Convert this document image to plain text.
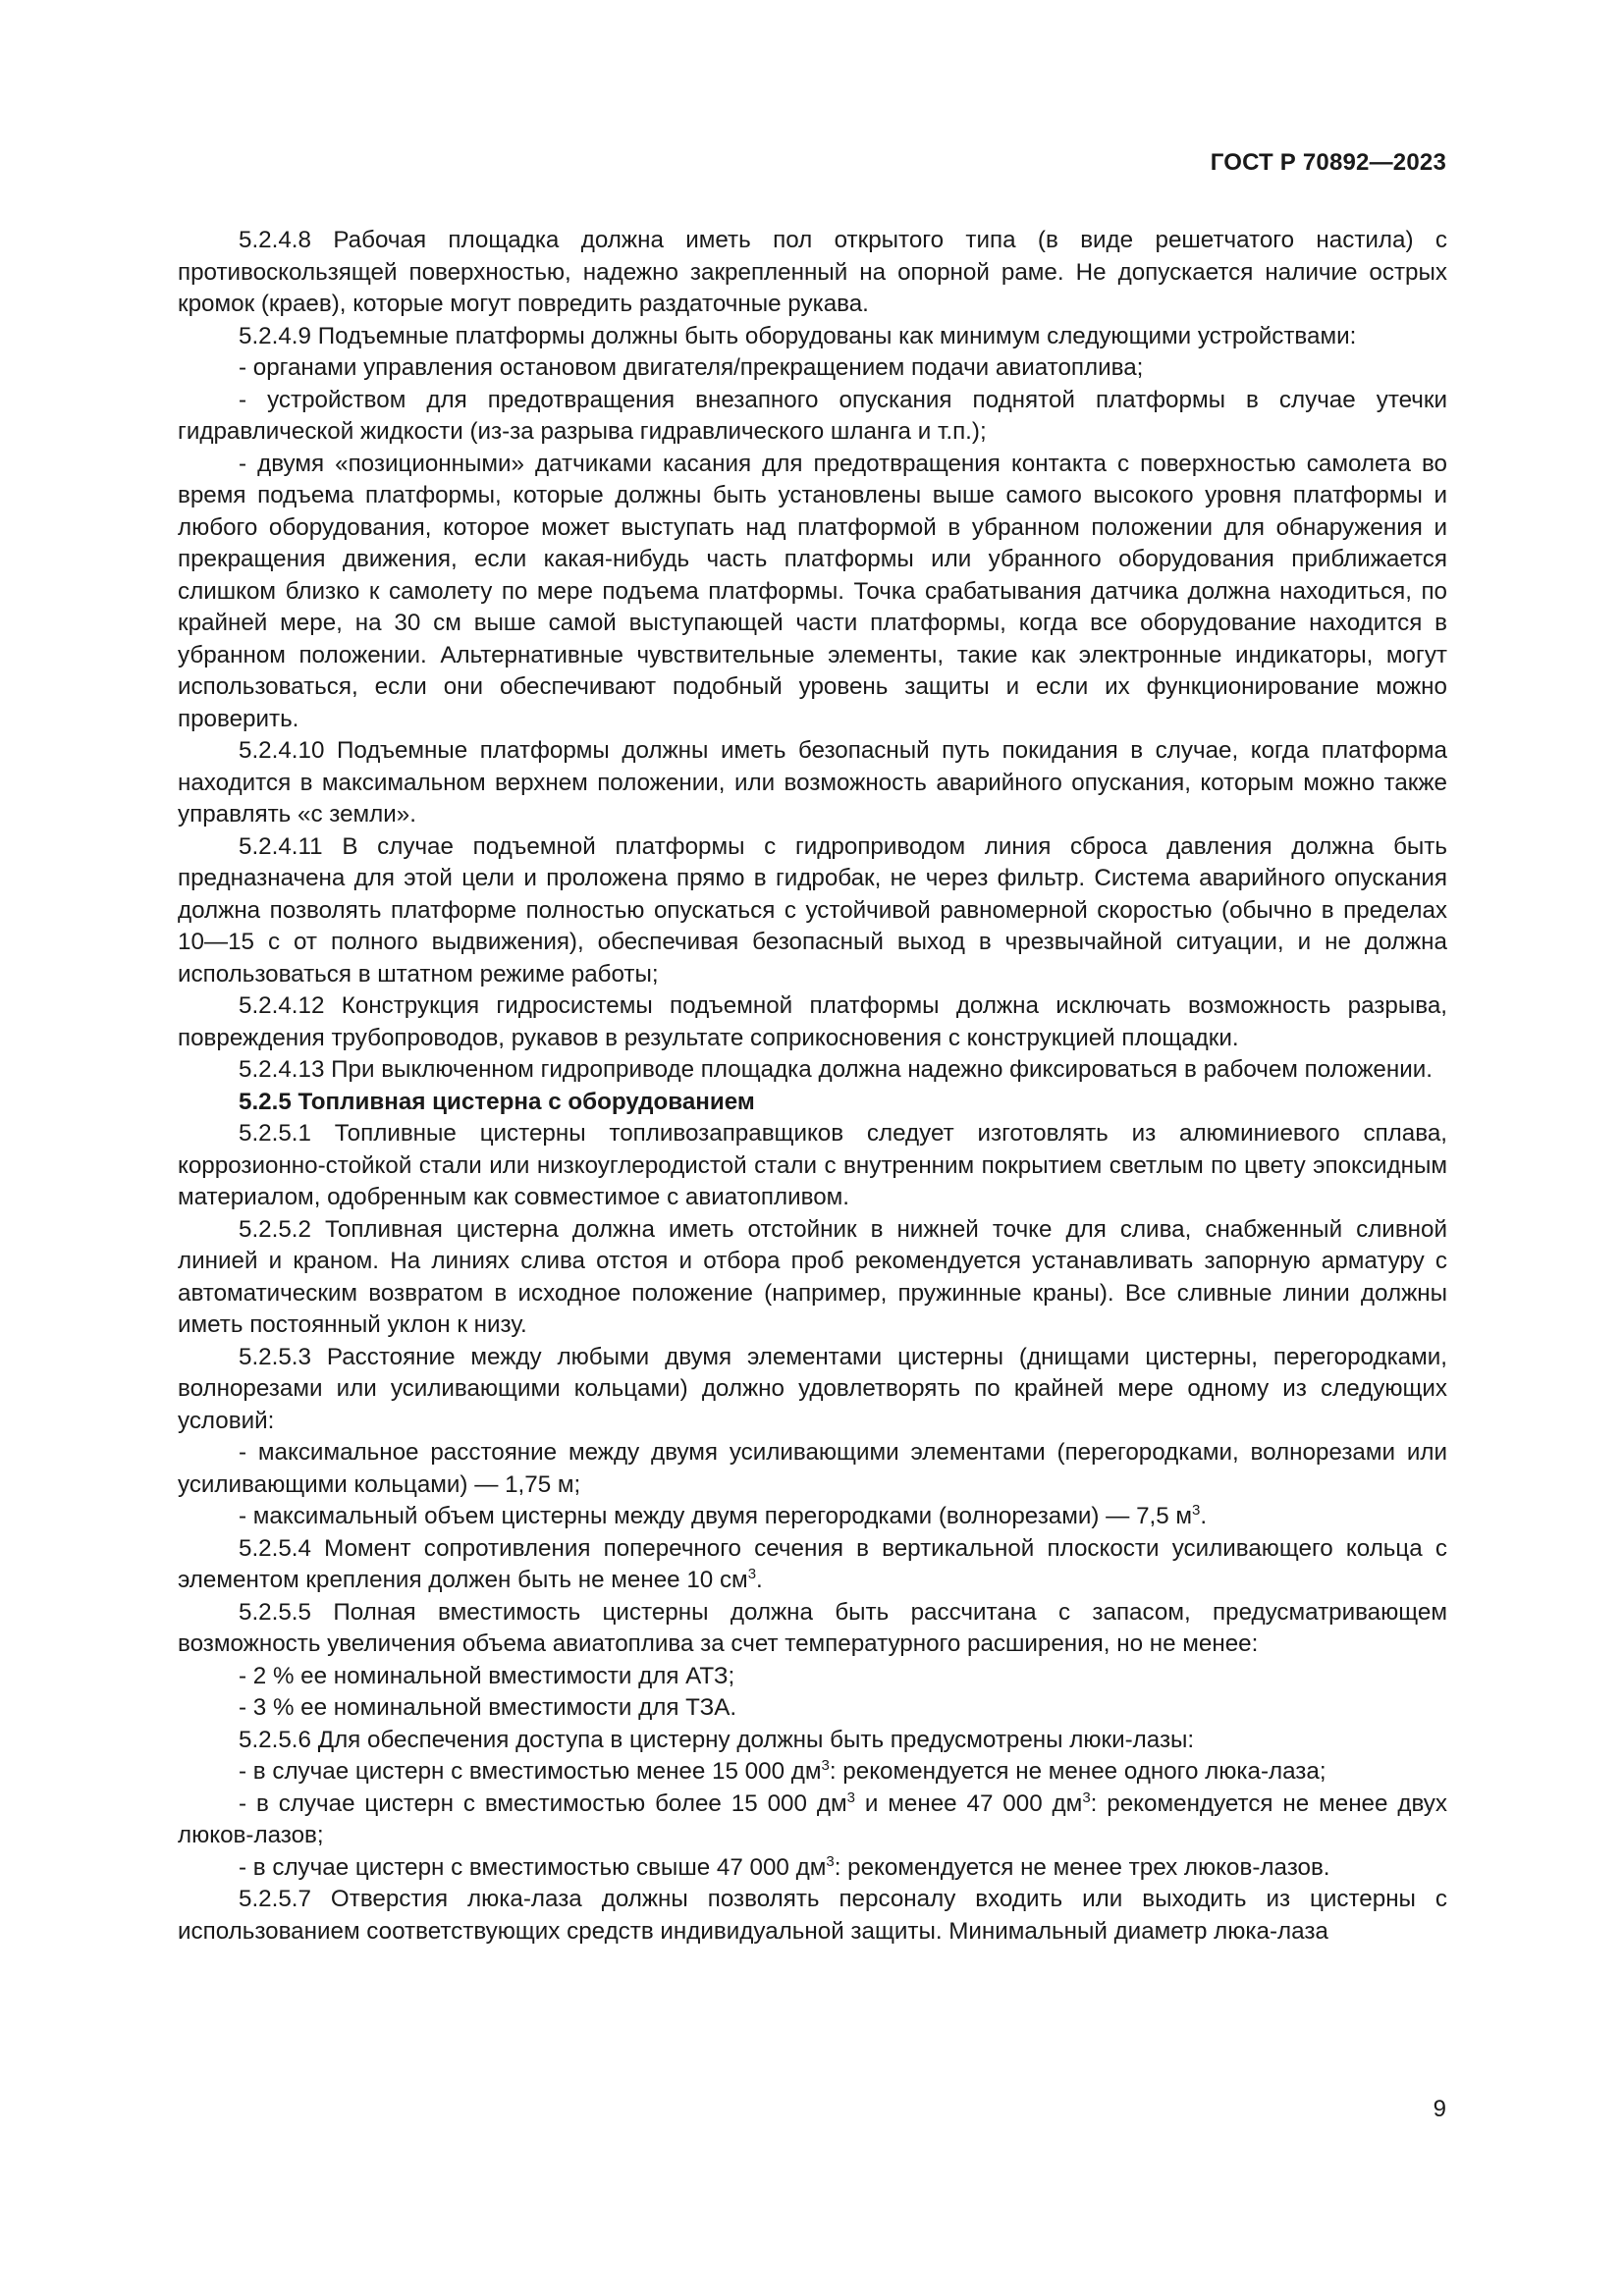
ГОСТ Р 70892—2023

5.2.4.8 Рабочая площадка должна иметь пол открытого типа (в виде решетчатого настила) с противоскользящей поверхностью, надежно закрепленный на опорной раме. Не допускается наличие острых кромок (краев), которые могут повредить раздаточные рукава.

5.2.4.9 Подъемные платформы должны быть оборудованы как минимум следующими устройствами:

- органами управления остановом двигателя/прекращением подачи авиатоплива;

- устройством для предотвращения внезапного опускания поднятой платформы в случае утечки гидравлической жидкости (из-за разрыва гидравлического шланга и т.п.);

- двумя «позиционными» датчиками касания для предотвращения контакта с поверхностью самолета во время подъема платформы, которые должны быть установлены выше самого высокого уровня платформы и любого оборудования, которое может выступать над платформой в убранном положении для обнаружения и прекращения движения, если какая-нибудь часть платформы или убранного оборудования приближается слишком близко к самолету по мере подъема платформы. Точка срабатывания датчика должна находиться, по крайней мере, на 30 см выше самой выступающей части платформы, когда все оборудование находится в убранном положении. Альтернативные чувствительные элементы, такие как электронные индикаторы, могут использоваться, если они обеспечивают подобный уровень защиты и если их функционирование можно проверить.

5.2.4.10 Подъемные платформы должны иметь безопасный путь покидания в случае, когда платформа находится в максимальном верхнем положении, или возможность аварийного опускания, которым можно также управлять «с земли».

5.2.4.11 В случае подъемной платформы с гидроприводом линия сброса давления должна быть предназначена для этой цели и проложена прямо в гидробак, не через фильтр. Система аварийного опускания должна позволять платформе полностью опускаться с устойчивой равномерной скоростью (обычно в пределах 10—15 с от полного выдвижения), обеспечивая безопасный выход в чрезвычайной ситуации, и не должна использоваться в штатном режиме работы;

5.2.4.12 Конструкция гидросистемы подъемной платформы должна исключать возможность разрыва, повреждения трубопроводов, рукавов в результате соприкосновения с конструкцией площадки.

5.2.4.13 При выключенном гидроприводе площадка должна надежно фиксироваться в рабочем положении.

5.2.5 Топливная цистерна с оборудованием

5.2.5.1 Топливные цистерны топливозаправщиков следует изготовлять из алюминиевого сплава, коррозионно-стойкой стали или низкоуглеродистой стали с внутренним покрытием светлым по цвету эпоксидным материалом, одобренным как совместимое с авиатопливом.

5.2.5.2 Топливная цистерна должна иметь отстойник в нижней точке для слива, снабженный сливной линией и краном. На линиях слива отстоя и отбора проб рекомендуется устанавливать запорную арматуру с автоматическим возвратом в исходное положение (например, пружинные краны). Все сливные линии должны иметь постоянный уклон к низу.

5.2.5.3 Расстояние между любыми двумя элементами цистерны (днищами цистерны, перегородками, волнорезами или усиливающими кольцами) должно удовлетворять по крайней мере одному из следующих условий:

- максимальное расстояние между двумя усиливающими элементами (перегородками, волнорезами или усиливающими кольцами) — 1,75 м;

- максимальный объем цистерны между двумя перегородками (волнорезами) — 7,5 $м^3$.

5.2.5.4 Момент сопротивления поперечного сечения в вертикальной плоскости усиливающего кольца с элементом крепления должен быть не менее 10 $см^3$.

5.2.5.5 Полная вместимость цистерны должна быть рассчитана с запасом, предусматривающем возможность увеличения объема авиатоплива за счет температурного расширения, но не менее:

- 2 % ее номинальной вместимости для АТЗ;

- 3 % ее номинальной вместимости для ТЗА.

5.2.5.6 Для обеспечения доступа в цистерну должны быть предусмотрены люки-лазы:

- в случае цистерн с вместимостью менее 15 000 $дм^3$: рекомендуется не менее одного люка-лаза;

- в случае цистерн с вместимостью более 15 000 $дм^3$ и менее 47 000 $дм^3$: рекомендуется не менее двух люков-лазов;

- в случае цистерн с вместимостью свыше 47 000 $дм^3$: рекомендуется не менее трех люков-лазов.

5.2.5.7 Отверстия люка-лаза должны позволять персоналу входить или выходить из цистерны с использованием соответствующих средств индивидуальной защиты. Минимальный диаметр люка-лаза

9
